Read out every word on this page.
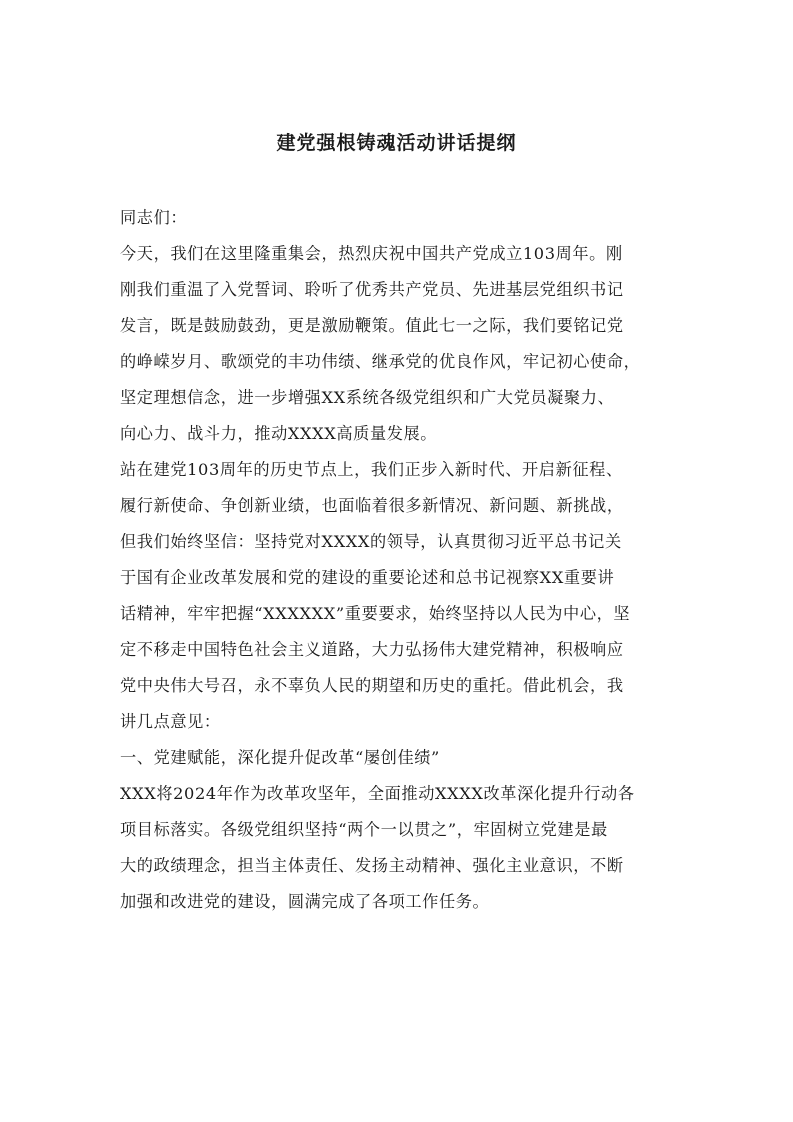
建党强根铸魂活动讲话提纲
同志们：
今天，我们在这里隆重集会，热烈庆祝中国共产党成立103周年。刚
刚我们重温了入党誓词、聆听了优秀共产党员、先进基层党组织书记
发言，既是鼓励鼓劲，更是激励鞭策。值此七一之际，我们要铭记党
的峥嵘岁月、歌颂党的丰功伟绩、继承党的优良作风，牢记初心使命，
坚定理想信念，进一步增强XX系统各级党组织和广大党员凝聚力、
向心力、战斗力，推动XXXX高质量发展。
站在建党103周年的历史节点上，我们正步入新时代、开启新征程、
履行新使命、争创新业绩，也面临着很多新情况、新问题、新挑战，
但我们始终坚信：坚持党对XXXX的领导，认真贯彻习近平总书记关
于国有企业改革发展和党的建设的重要论述和总书记视察XX重要讲
话精神，牢牢把握“XXXXXX”重要要求，始终坚持以人民为中心，坚
定不移走中国特色社会主义道路，大力弘扬伟大建党精神，积极响应
党中央伟大号召，永不辜负人民的期望和历史的重托。借此机会，我
讲几点意见：
一、党建赋能，深化提升促改革“屡创佳绩”
XXX将2024年作为改革攻坚年，全面推动XXXX改革深化提升行动各
项目标落实。各级党组织坚持“两个一以贯之”，牢固树立党建是最
大的政绩理念，担当主体责任、发扬主动精神、强化主业意识，不断
加强和改进党的建设，圆满完成了各项工作任务。
